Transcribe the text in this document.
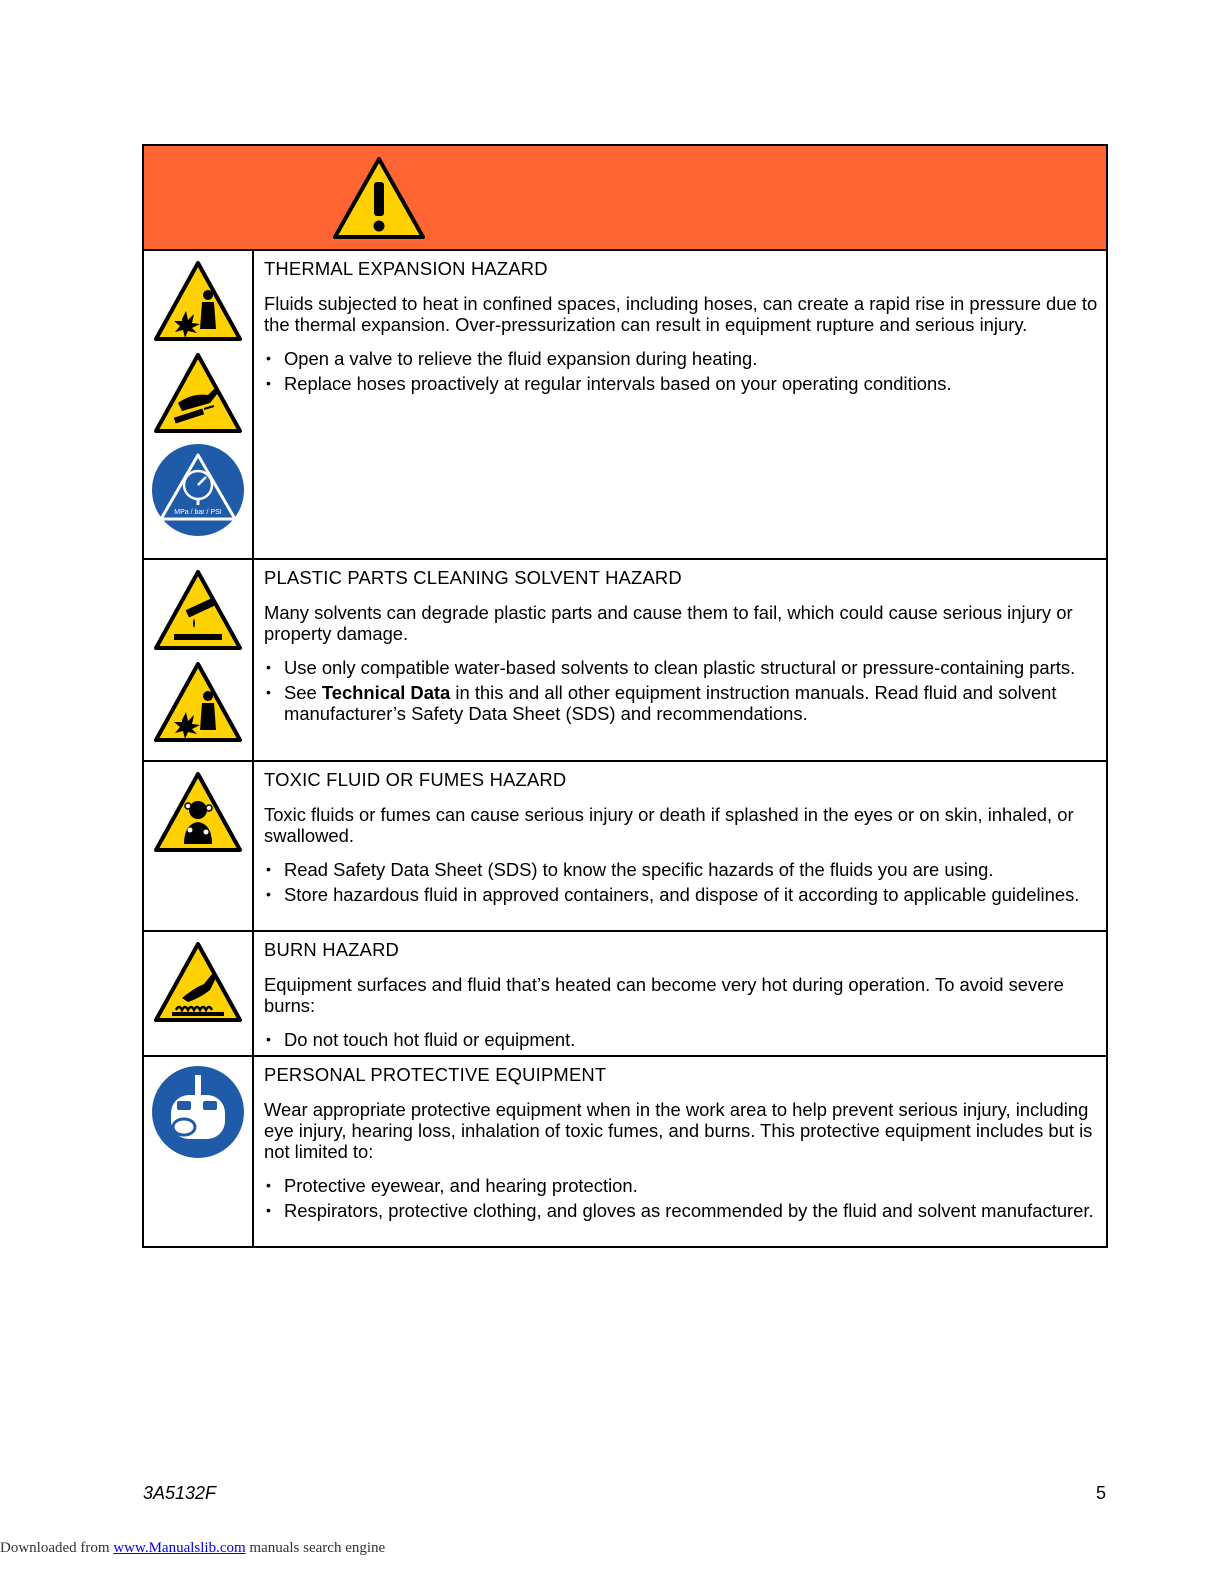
MPa / bar / PSI
THERMAL EXPANSION HAZARD

Fluids subjected to heat in confined spaces, including hoses, can create a rapid rise in pressure due to the thermal expansion. Over-pressurization can result in equipment rupture and serious injury.

• Open a valve to relieve the fluid expansion during heating.
• Replace hoses proactively at regular intervals based on your operating conditions.
PLASTIC PARTS CLEANING SOLVENT HAZARD

Many solvents can degrade plastic parts and cause them to fail, which could cause serious injury or property damage.

• Use only compatible water-based solvents to clean plastic structural or pressure-containing parts.
• See Technical Data in this and all other equipment instruction manuals. Read fluid and solvent manufacturer’s Safety Data Sheet (SDS) and recommendations.
TOXIC FLUID OR FUMES HAZARD

Toxic fluids or fumes can cause serious injury or death if splashed in the eyes or on skin, inhaled, or swallowed.

• Read Safety Data Sheet (SDS) to know the specific hazards of the fluids you are using.
• Store hazardous fluid in approved containers, and dispose of it according to applicable guidelines.
BURN HAZARD

Equipment surfaces and fluid that’s heated can become very hot during operation. To avoid severe burns:

• Do not touch hot fluid or equipment.
PERSONAL PROTECTIVE EQUIPMENT

Wear appropriate protective equipment when in the work area to help prevent serious injury, including eye injury, hearing loss, inhalation of toxic fumes, and burns. This protective equipment includes but is not limited to:

• Protective eyewear, and hearing protection.
• Respirators, protective clothing, and gloves as recommended by the fluid and solvent manufacturer.
3A5132F	5
Downloaded from www.Manualslib.com manuals search engine
